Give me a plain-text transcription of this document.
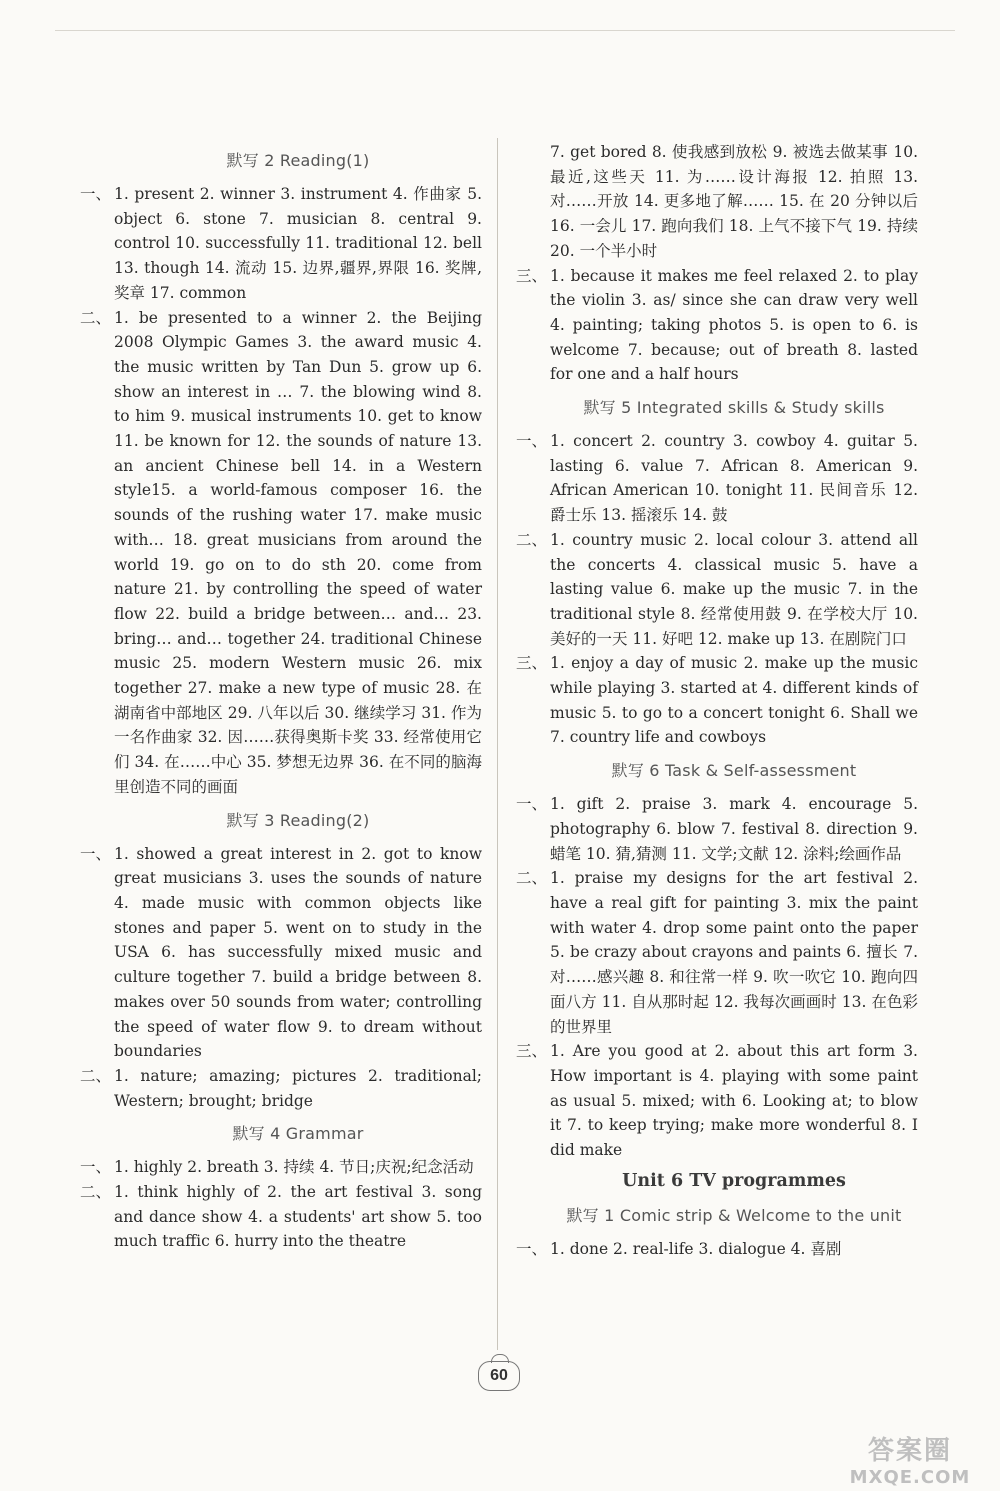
默写 2 Reading(1)
一、 1. present 2. winner 3. instrument 4. 作曲家 5. object 6. stone 7. musician 8. central 9. control 10. successfully 11. traditional 12. bell 13. though 14. 流动 15. 边界,疆界,界限 16. 奖牌,奖章 17. common

二、 1. be presented to a winner 2. the Beijing 2008 Olympic Games 3. the award music 4. the music written by Tan Dun 5. grow up 6. show an interest in … 7. the blowing wind 8. to him 9. musical instruments 10. get to know 11. be known for 12. the sounds of nature 13. an ancient Chinese bell 14. in a Western style15. a world-famous composer 16. the sounds of the rushing water 17. make music with… 18. great musicians from around the world 19. go on to do sth 20. come from nature 21. by controlling the speed of water flow 22. build a bridge between… and… 23. bring… and… together 24. traditional Chinese music 25. modern Western music 26. mix together 27. make a new type of music 28. 在湖南省中部地区 29. 八年以后 30. 继续学习 31. 作为一名作曲家 32. 因……获得奥斯卡奖 33. 经常使用它们 34. 在……中心 35. 梦想无边界 36. 在不同的脑海里创造不同的画面

默写 3 Reading(2)
一、 1. showed a great interest in 2. got to know great musicians 3. uses the sounds of nature 4. made music with common objects like stones and paper 5. went on to study in the USA 6. has successfully mixed music and culture together 7. build a bridge between 8. makes over 50 sounds from water; controlling the speed of water flow 9. to dream without boundaries

二、 1. nature; amazing; pictures 2. traditional; Western; brought; bridge

默写 4 Grammar
一、 1. highly 2. breath 3. 持续 4. 节日;庆祝;纪念活动

二、 1. think highly of 2. the art festival 3. song and dance show 4. a students' art show 5. too much traffic 6. hurry into the theatre

7. get bored 8. 使我感到放松 9. 被选去做某事 10. 最近,这些天 11. 为……设计海报 12. 拍照 13. 对……开放 14. 更多地了解…… 15. 在 20 分钟以后 16. 一会儿 17. 跑向我们 18. 上气不接下气 19. 持续 20. 一个半小时

三、 1. because it makes me feel relaxed 2. to play the violin 3. as/ since she can draw very well 4. painting; taking photos 5. is open to 6. is welcome 7. because; out of breath 8. lasted for one and a half hours

默写 5 Integrated skills & Study skills
一、 1. concert 2. country 3. cowboy 4. guitar 5. lasting 6. value 7. African 8. American 9. African American 10. tonight 11. 民间音乐 12. 爵士乐 13. 摇滚乐 14. 鼓

二、 1. country music 2. local colour 3. attend all the concerts 4. classical music 5. have a lasting value 6. make up the music 7. in the traditional style 8. 经常使用鼓 9. 在学校大厅 10. 美好的一天 11. 好吧 12. make up 13. 在剧院门口

三、 1. enjoy a day of music 2. make up the music while playing 3. started at 4. different kinds of music 5. to go to a concert tonight 6. Shall we 7. country life and cowboys

默写 6 Task & Self-assessment
一、 1. gift 2. praise 3. mark 4. encourage 5. photography 6. blow 7. festival 8. direction 9. 蜡笔 10. 猜,猜测 11. 文学;文献 12. 涂料;绘画作品

二、 1. praise my designs for the art festival 2. have a real gift for painting 3. mix the paint with water 4. drop some paint onto the paper 5. be crazy about crayons and paints 6. 擅长 7. 对……感兴趣 8. 和往常一样 9. 吹一吹它 10. 跑向四面八方 11. 自从那时起 12. 我每次画画时 13. 在色彩的世界里

三、 1. Are you good at 2. about this art form 3. How important is 4. playing with some paint as usual 5. mixed; with 6. Looking at; to blow it 7. to keep trying; make more wonderful 8. I did make

Unit 6 TV programmes
默写 1 Comic strip & Welcome to the unit
一、 1. done 2. real-life 3. dialogue 4. 喜剧

60
答案圈
MXQE.COM
